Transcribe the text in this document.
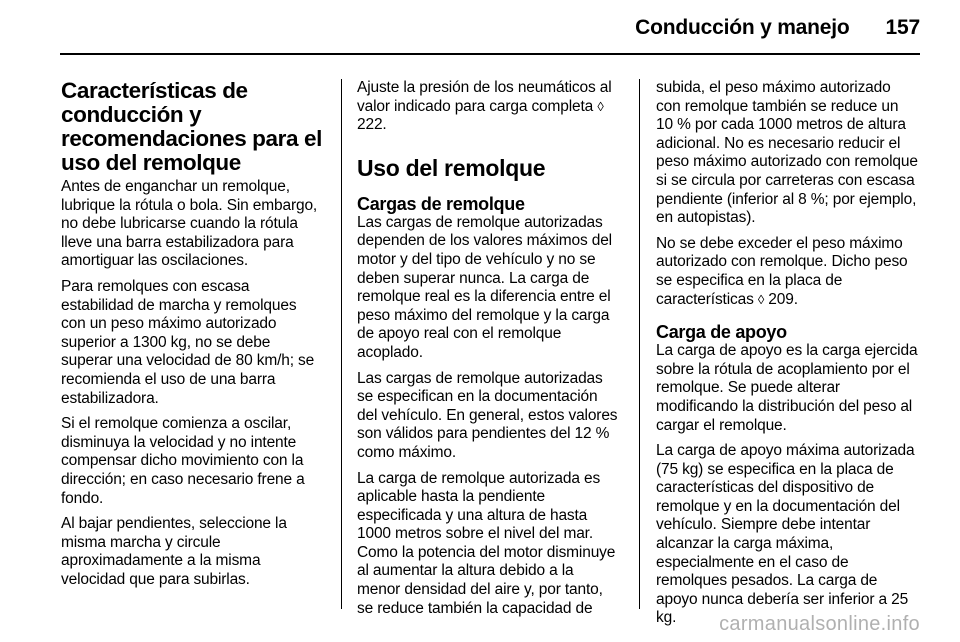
Conducción y manejo 157
Características de conducción y recomendaciones para el uso del remolque

Antes de enganchar un remolque, lubrique la rótula o bola. Sin embargo, no debe lubricarse cuando la rótula lleve una barra estabilizadora para amortiguar las oscilaciones.

Para remolques con escasa estabilidad de marcha y remolques con un peso máximo autorizado superior a 1300 kg, no se debe superar una velocidad de 80 km/h; se recomienda el uso de una barra estabilizadora.

Si el remolque comienza a oscilar, disminuya la velocidad y no intente compensar dicho movimiento con la dirección; en caso necesario frene a fondo.

Al bajar pendientes, seleccione la misma marcha y circule aproximadamente a la misma velocidad que para subirlas.

Ajuste la presión de los neumáticos al valor indicado para carga completa ◊ 222.

Uso del remolque
Cargas de remolque

Las cargas de remolque autorizadas dependen de los valores máximos del motor y del tipo de vehículo y no se deben superar nunca. La carga de remolque real es la diferencia entre el peso máximo del remolque y la carga de apoyo real con el remolque acoplado.

Las cargas de remolque autorizadas se especifican en la documentación del vehículo. En general, estos valores son válidos para pendientes del 12 % como máximo.

La carga de remolque autorizada es aplicable hasta la pendiente especificada y una altura de hasta 1000 metros sobre el nivel del mar. Como la potencia del motor disminuye al aumentar la altura debido a la menor densidad del aire y, por tanto, se reduce también la capacidad de

subida, el peso máximo autorizado con remolque también se reduce un 10 % por cada 1000 metros de altura adicional. No es necesario reducir el peso máximo autorizado con remolque si se circula por carreteras con escasa pendiente (inferior al 8 %; por ejemplo, en autopistas).

No se debe exceder el peso máximo autorizado con remolque. Dicho peso se especifica en la placa de características ◊ 209.

Carga de apoyo

La carga de apoyo es la carga ejercida sobre la rótula de acoplamiento por el remolque. Se puede alterar modificando la distribución del peso al cargar el remolque.

La carga de apoyo máxima autorizada (75 kg) se especifica en la placa de características del dispositivo de remolque y en la documentación del vehículo. Siempre debe intentar alcanzar la carga máxima, especialmente en el caso de remolques pesados. La carga de apoyo nunca debería ser inferior a 25 kg.	carmanualsonline.info
